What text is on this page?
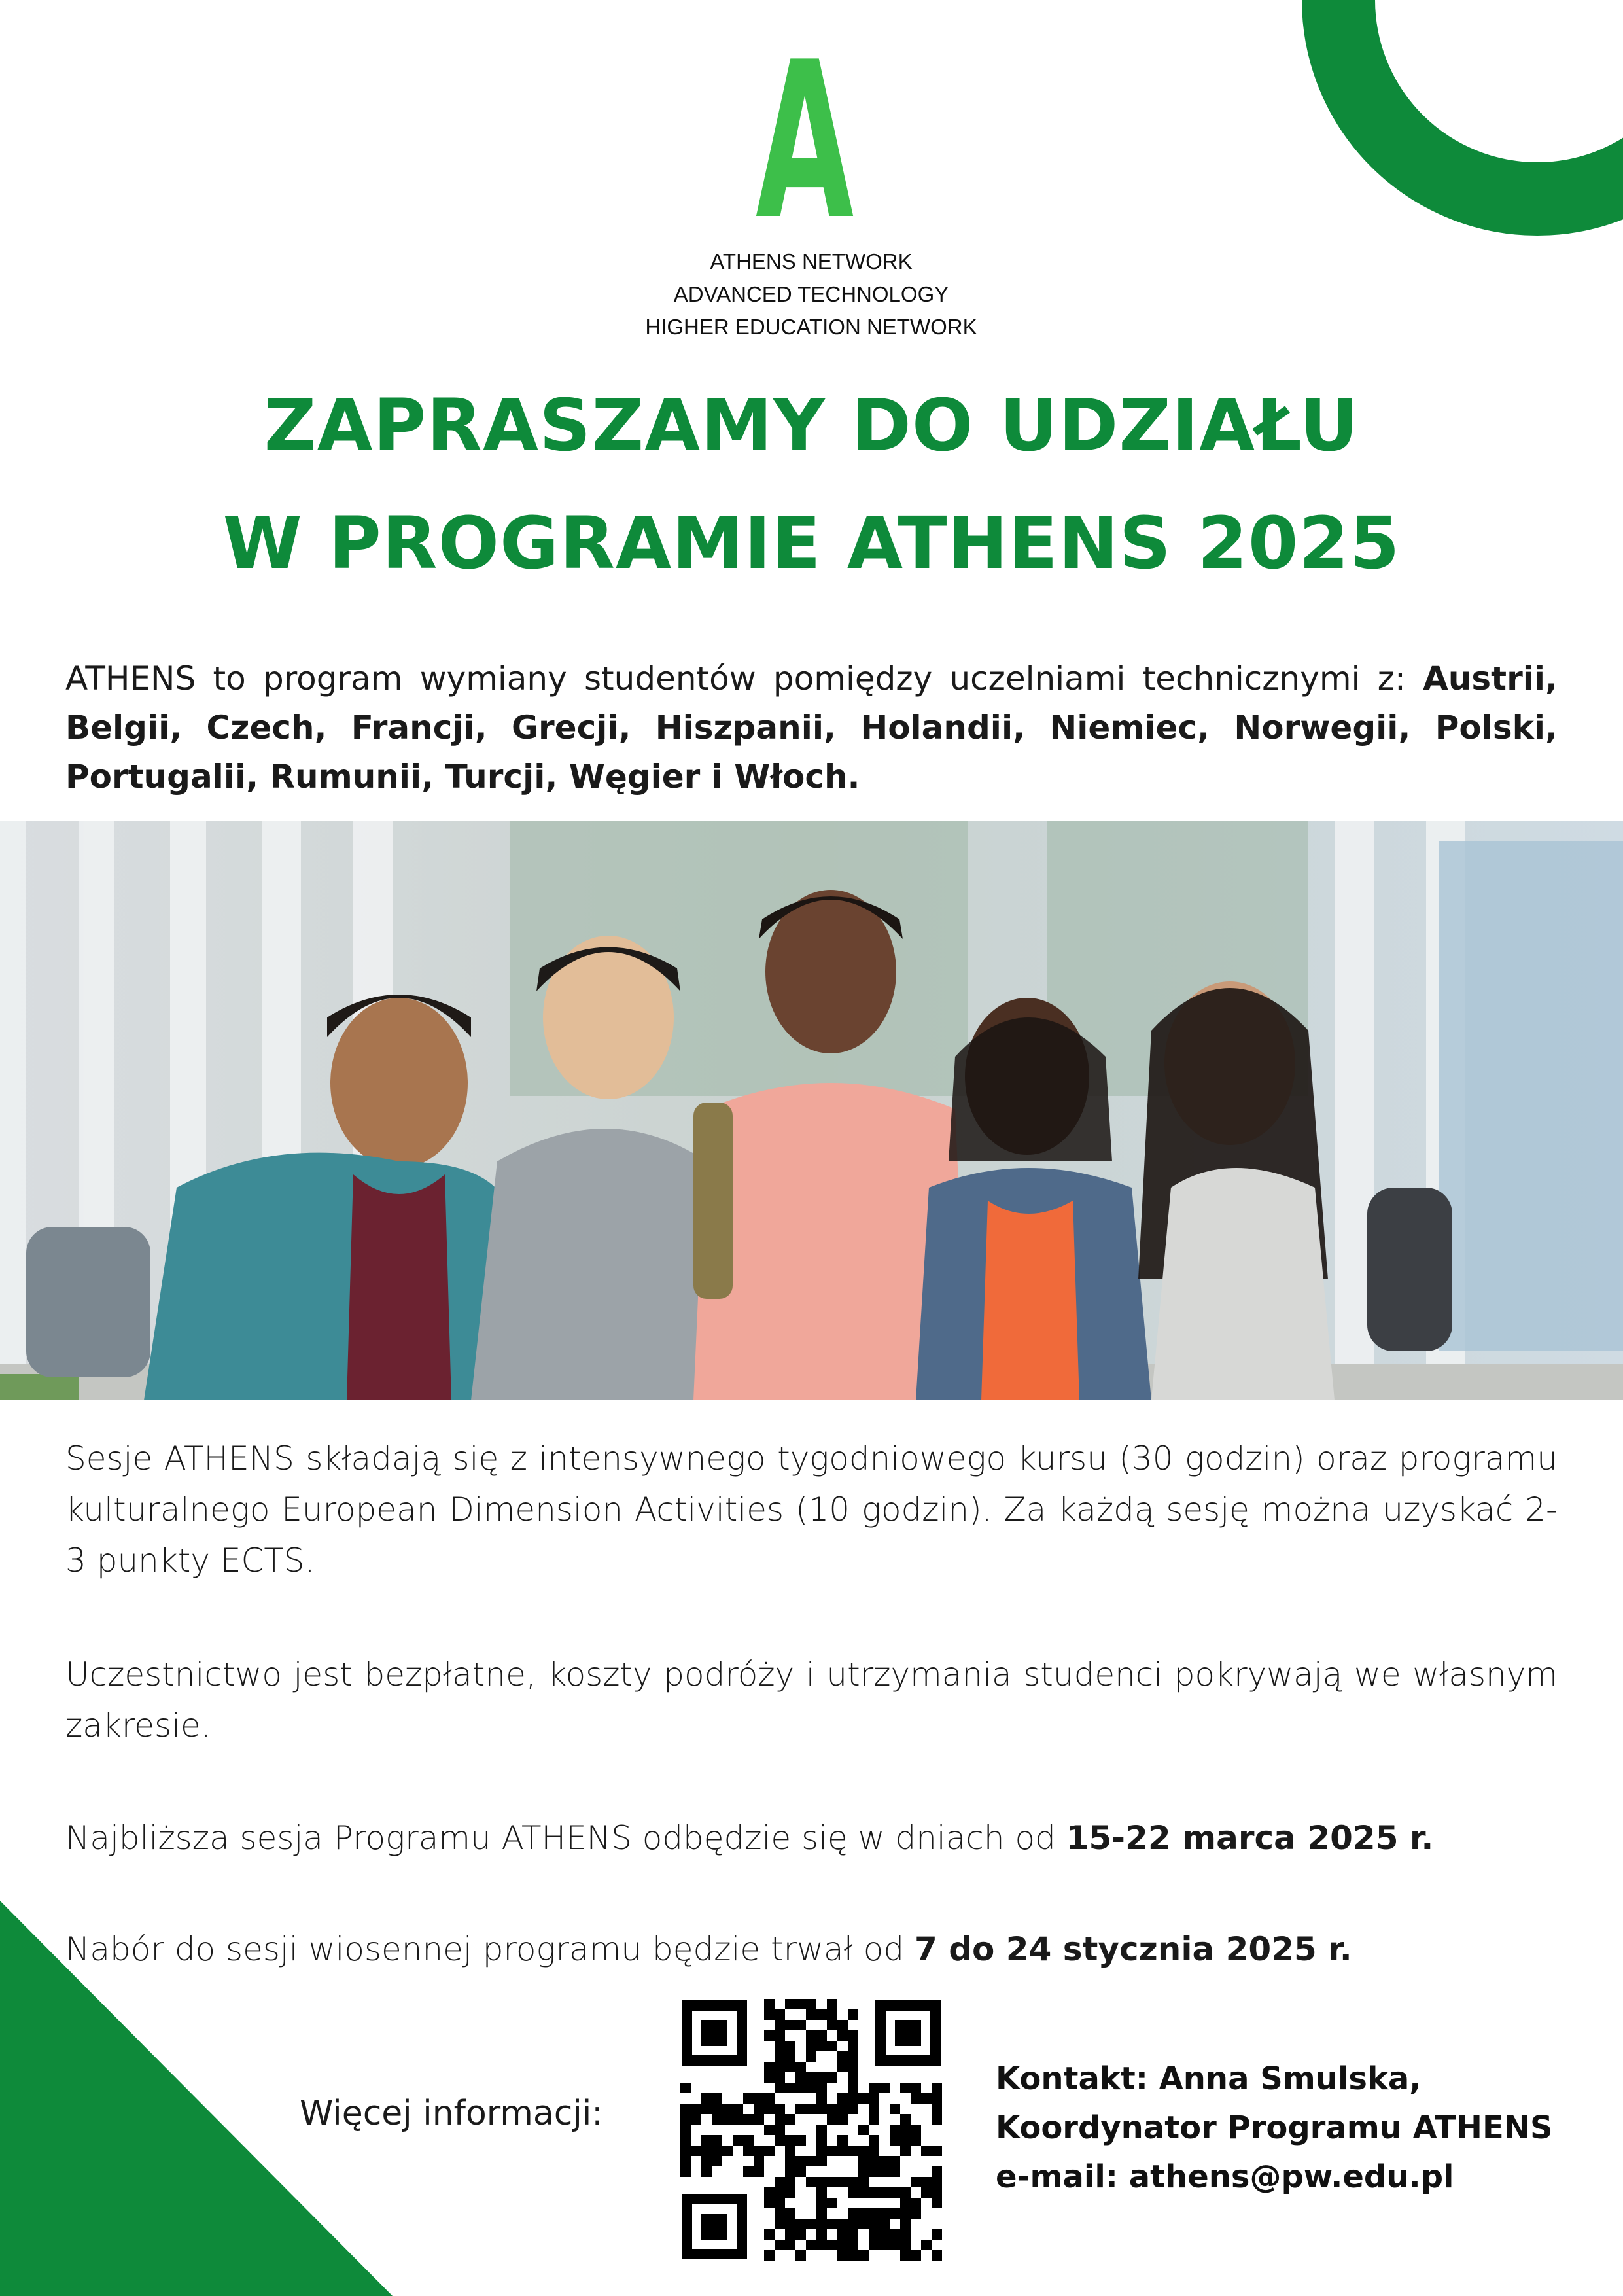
A
ATHENS NETWORK
ADVANCED TECHNOLOGY
HIGHER EDUCATION NETWORK
ZAPRASZAMY DO UDZIAŁU
W PROGRAMIE ATHENS 2025
ATHENS to program wymiany studentów pomiędzy uczelniami technicznymi z: Austrii, Belgii, Czech, Francji, Grecji, Hiszpanii, Holandii, Niemiec, Norwegii, Polski, Portugalii, Rumunii, Turcji, Węgier i Włoch.
Sesje ATHENS składają się z intensywnego tygodniowego kursu (30 godzin) oraz programu kulturalnego European Dimension Activities (10 godzin). Za każdą sesję można uzyskać 2-3 punkty ECTS.
Uczestnictwo jest bezpłatne, koszty podróży i utrzymania studenci pokrywają we własnym zakresie.
Najbliższa sesja Programu ATHENS odbędzie się w dniach od 15-22 marca 2025 r.
Nabór do sesji wiosennej programu będzie trwał od 7 do 24 stycznia 2025 r.
Więcej informacji:
Kontakt: Anna Smulska,
Koordynator Programu ATHENS
e-mail: athens@pw.edu.pl
